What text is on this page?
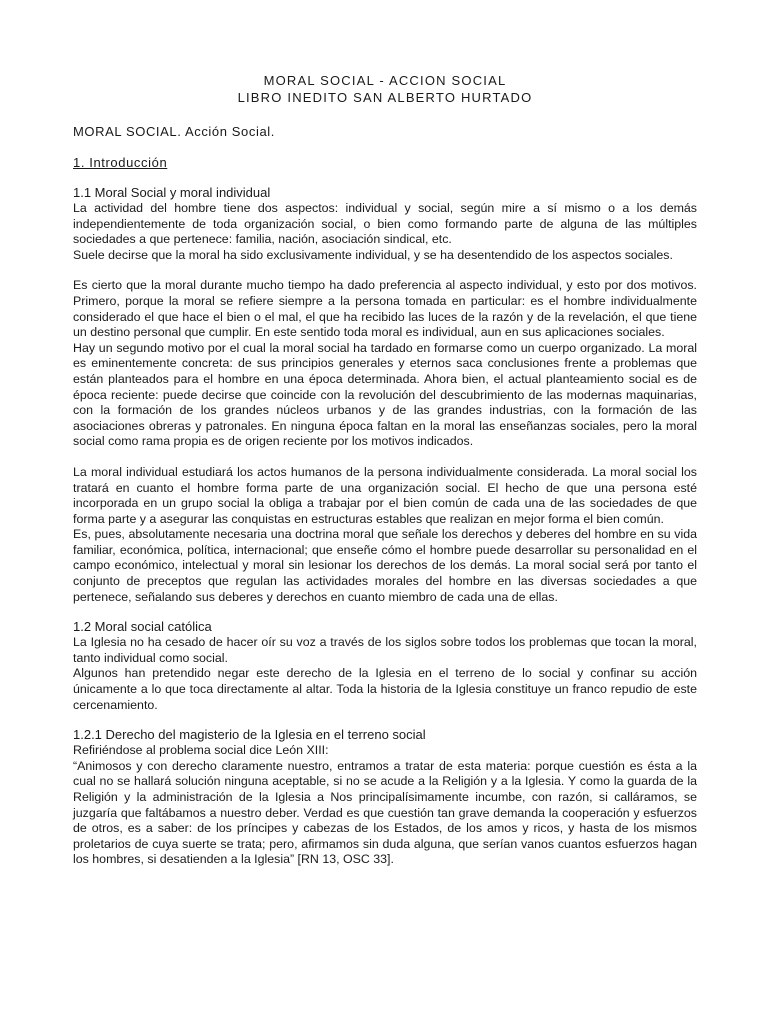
MORAL SOCIAL - ACCION SOCIAL

LIBRO INEDITO SAN ALBERTO HURTADO

MORAL SOCIAL. Acción Social.

1. Introducción

1.1 Moral Social y moral individual

La actividad del hombre tiene dos aspectos: individual y social, según mire a sí mismo o a los demás independientemente de toda organización social, o bien como formando parte de alguna de las múltiples sociedades a que pertenece: familia, nación, asociación sindical, etc.

Suele decirse que la moral ha sido exclusivamente individual, y se ha desentendido de los aspectos sociales.

Es cierto que la moral durante mucho tiempo ha dado preferencia al aspecto individual, y esto por dos motivos. Primero, porque la moral se refiere siempre a la persona tomada en particular: es el hombre individualmente considerado el que hace el bien o el mal, el que ha recibido las luces de la razón y de la revelación, el que tiene un destino personal que cumplir. En este sentido toda moral es individual, aun en sus aplicaciones sociales.

Hay un segundo motivo por el cual la moral social ha tardado en formarse como un cuerpo organizado. La moral es eminentemente concreta: de sus principios generales y eternos saca conclusiones frente a problemas que están planteados para el hombre en una época determinada. Ahora bien, el actual planteamiento social es de época reciente: puede decirse que coincide con la revolución del descubrimiento de las modernas maquinarias, con la formación de los grandes núcleos urbanos y de las grandes industrias, con la formación de las asociaciones obreras y patronales. En ninguna época faltan en la moral las enseñanzas sociales, pero la moral social como rama propia es de origen reciente por los motivos indicados.

La moral individual estudiará los actos humanos de la persona individualmente considerada. La moral social los tratará en cuanto el hombre forma parte de una organización social. El hecho de que una persona esté incorporada en un grupo social la obliga a trabajar por el bien común de cada una de las sociedades de que forma parte y a asegurar las conquistas en estructuras estables que realizan en mejor forma el bien común.

Es, pues, absolutamente necesaria una doctrina moral que señale los derechos y deberes del hombre en su vida familiar, económica, política, internacional; que enseñe cómo el hombre puede desarrollar su personalidad en el campo económico, intelectual y moral sin lesionar los derechos de los demás. La moral social será por tanto el conjunto de preceptos que regulan las actividades morales del hombre en las diversas sociedades a que pertenece, señalando sus deberes y derechos en cuanto miembro de cada una de ellas.

1.2 Moral social católica

La Iglesia no ha cesado de hacer oír su voz a través de los siglos sobre todos los problemas que tocan la moral, tanto individual como social.

Algunos han pretendido negar este derecho de la Iglesia en el terreno de lo social y confinar su acción únicamente a lo que toca directamente al altar. Toda la historia de la Iglesia constituye un franco repudio de este cercenamiento.

1.2.1 Derecho del magisterio de la Iglesia en el terreno social

Refiriéndose al problema social dice León XIII:

“Animosos y con derecho claramente nuestro, entramos a tratar de esta materia: porque cuestión es ésta a la cual no se hallará solución ninguna aceptable, si no se acude a la Religión y a la Iglesia. Y como la guarda de la Religión y la administración de la Iglesia a Nos principalísimamente incumbe, con razón, si calláramos, se juzgaría que faltábamos a nuestro deber. Verdad es que cuestión tan grave demanda la cooperación y esfuerzos de otros, es a saber: de los príncipes y cabezas de los Estados, de los amos y ricos, y hasta de los mismos proletarios de cuya suerte se trata; pero, afirmamos sin duda alguna, que serían vanos cuantos esfuerzos hagan los hombres, si desatienden a la Iglesia” [RN 13, OSC 33].
